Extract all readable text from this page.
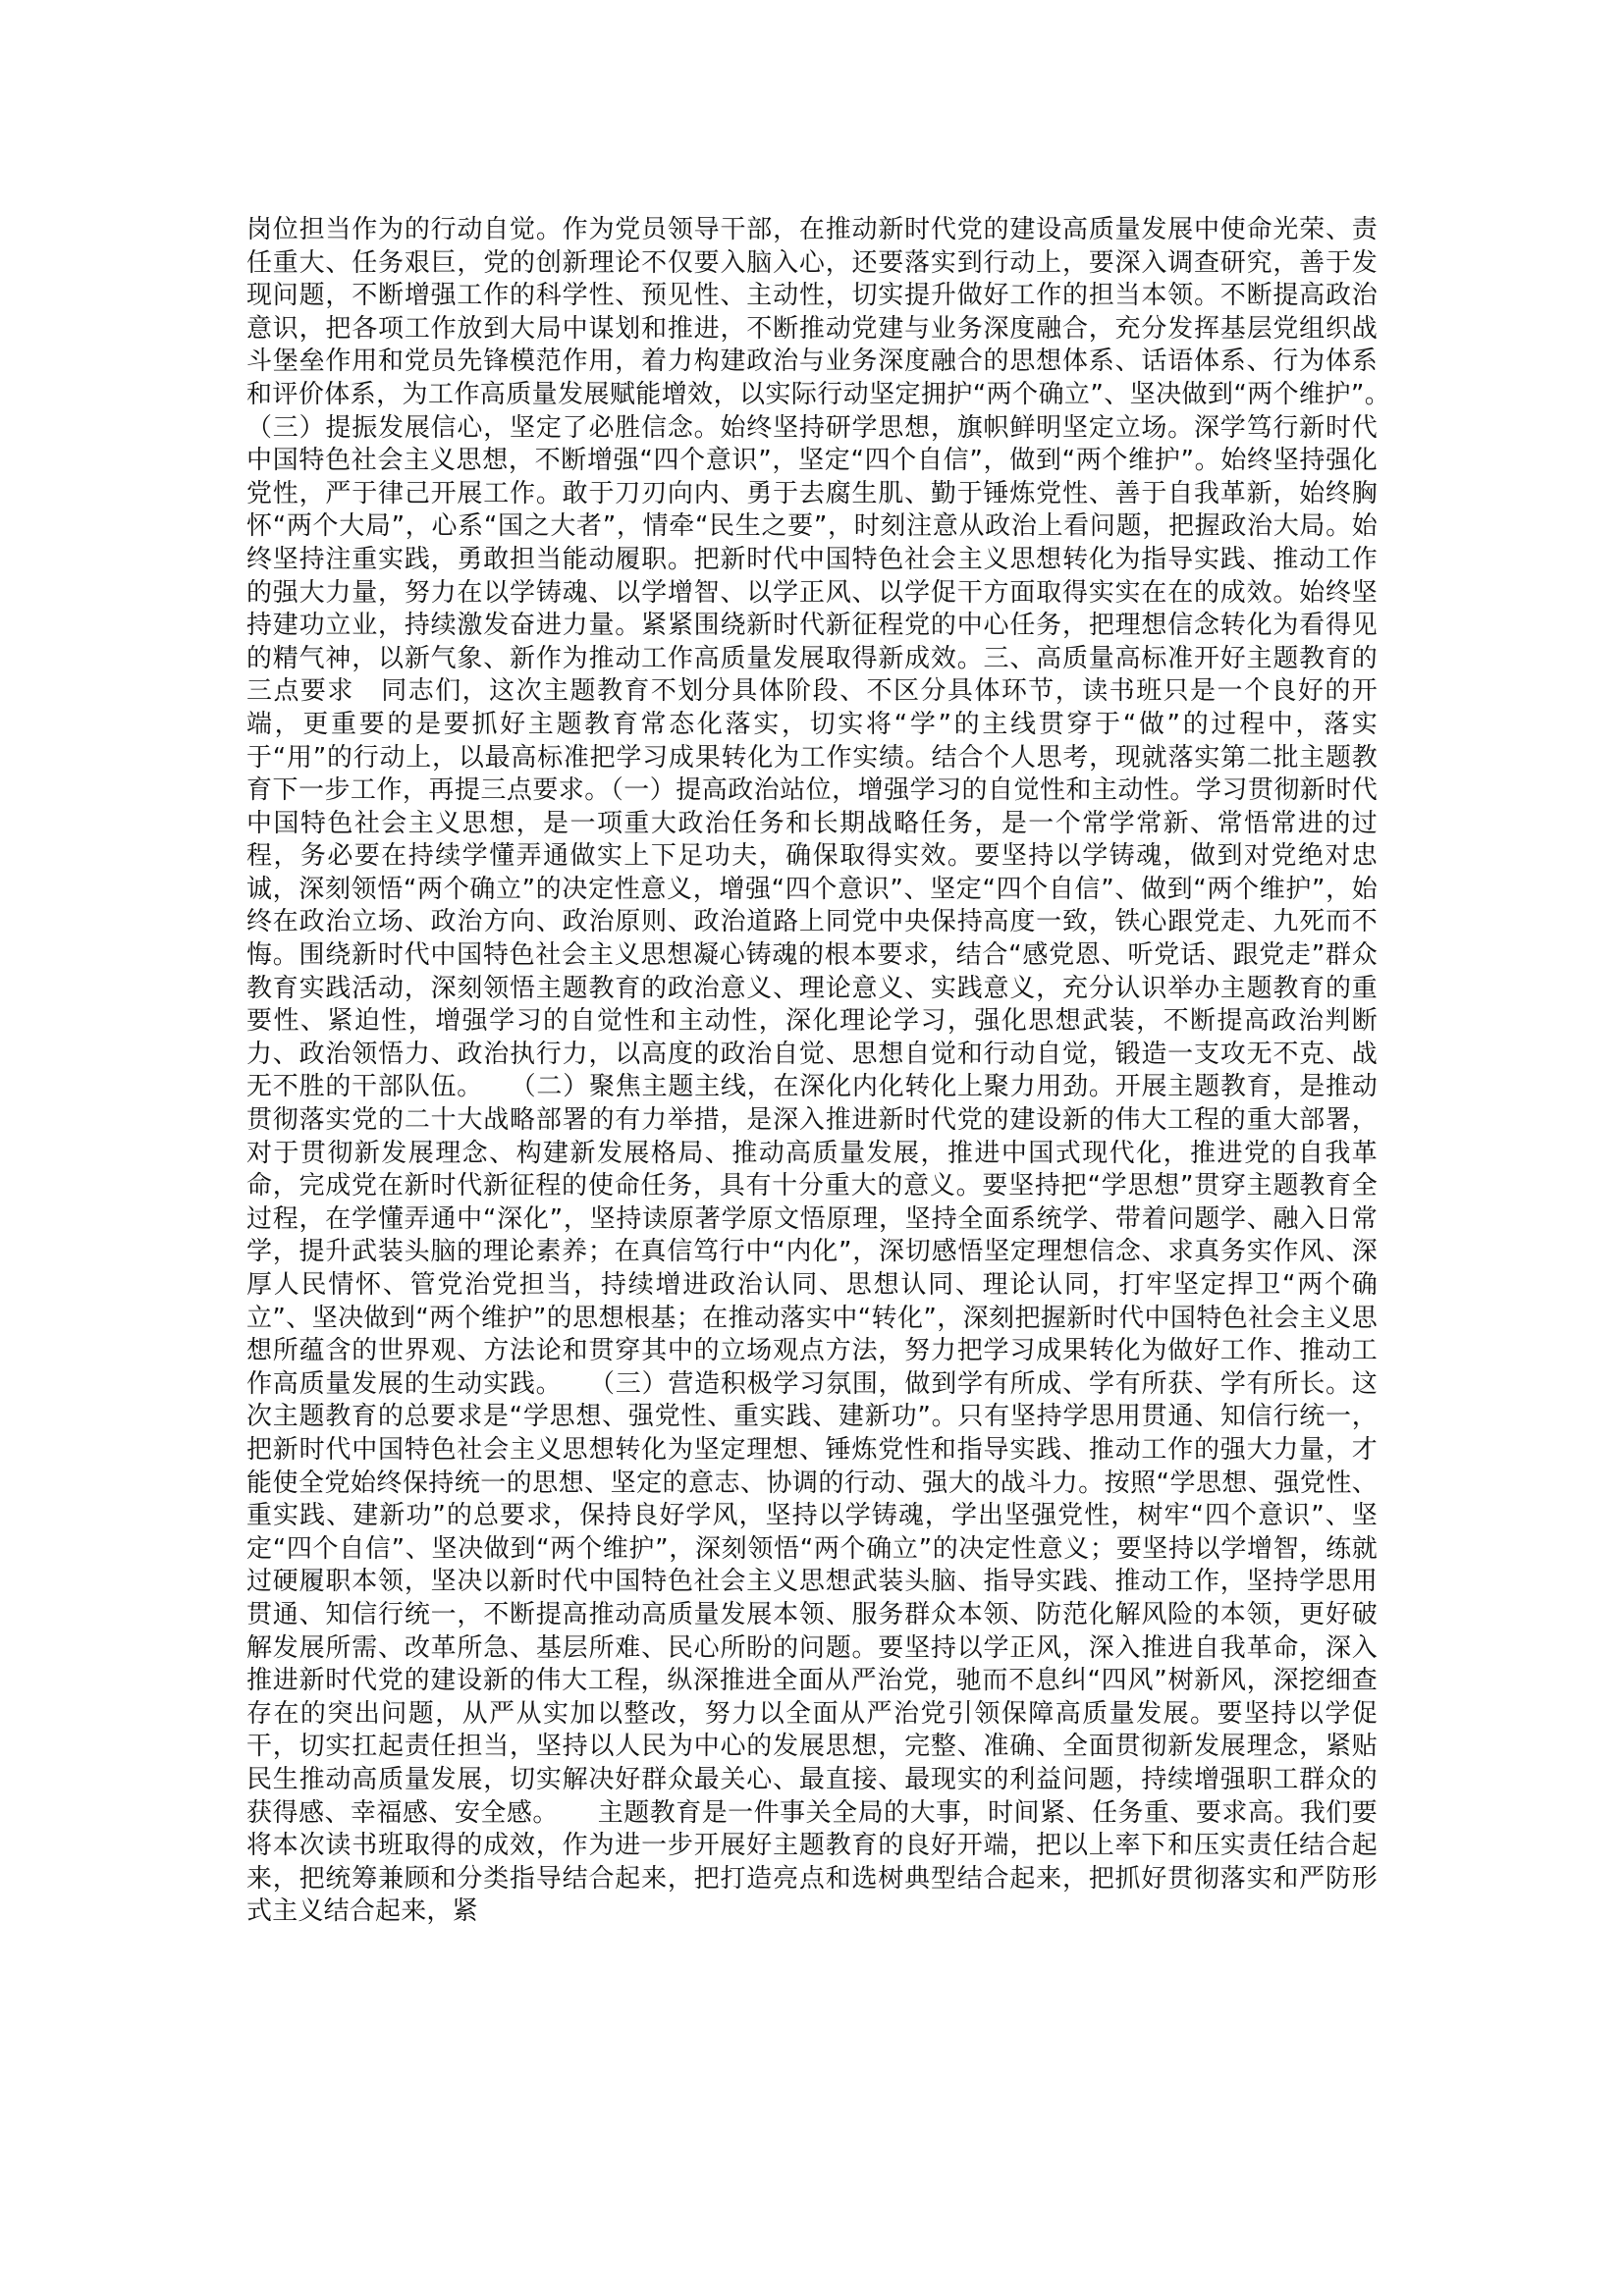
岗位担当作为的行动自觉。作为党员领导干部，在推动新时代党的建设高质量发展中使命光荣、责任重大、任务艰巨，党的创新理论不仅要入脑入心，还要落实到行动上，要深入调查研究，善于发现问题，不断增强工作的科学性、预见性、主动性，切实提升做好工作的担当本领。不断提高政治意识，把各项工作放到大局中谋划和推进，不断推动党建与业务深度融合，充分发挥基层党组织战斗堡垒作用和党员先锋模范作用，着力构建政治与业务深度融合的思想体系、话语体系、行为体系和评价体系，为工作高质量发展赋能增效，以实际行动坚定拥护“两个确立”、坚决做到“两个维护”。　　（三）提振发展信心，坚定了必胜信念。始终坚持研学思想，旗帜鲜明坚定立场。深学笃行新时代中国特色社会主义思想，不断增强“四个意识”，坚定“四个自信”，做到“两个维护”。始终坚持强化党性，严于律己开展工作。敢于刀刃向内、勇于去腐生肌、勤于锤炼党性、善于自我革新，始终胸怀“两个大局”，心系“国之大者”，情牵“民生之要”，时刻注意从政治上看问题，把握政治大局。始终坚持注重实践，勇敢担当能动履职。把新时代中国特色社会主义思想转化为指导实践、推动工作的强大力量，努力在以学铸魂、以学增智、以学正风、以学促干方面取得实实在在的成效。始终坚持建功立业，持续激发奋进力量。紧紧围绕新时代新征程党的中心任务，把理想信念转化为看得见的精气神，以新气象、新作为推动工作高质量发展取得新成效。三、高质量高标准开好主题教育的三点要求　同志们，这次主题教育不划分具体阶段、不区分具体环节，读书班只是一个良好的开端，更重要的是要抓好主题教育常态化落实，切实将“学”的主线贯穿于“做”的过程中，落实于“用”的行动上，以最高标准把学习成果转化为工作实绩。结合个人思考，现就落实第二批主题教育下一步工作，再提三点要求。（一）提高政治站位，增强学习的自觉性和主动性。学习贯彻新时代中国特色社会主义思想，是一项重大政治任务和长期战略任务，是一个常学常新、常悟常进的过程，务必要在持续学懂弄通做实上下足功夫，确保取得实效。要坚持以学铸魂，做到对党绝对忠诚，深刻领悟“两个确立”的决定性意义，增强“四个意识”、坚定“四个自信”、做到“两个维护”，始终在政治立场、政治方向、政治原则、政治道路上同党中央保持高度一致，铁心跟党走、九死而不悔。围绕新时代中国特色社会主义思想凝心铸魂的根本要求，结合“感党恩、听党话、跟党走”群众教育实践活动，深刻领悟主题教育的政治意义、理论意义、实践意义，充分认识举办主题教育的重要性、紧迫性，增强学习的自觉性和主动性，深化理论学习，强化思想武装，不断提高政治判断力、政治领悟力、政治执行力，以高度的政治自觉、思想自觉和行动自觉，锻造一支攻无不克、战无不胜的干部队伍。　　（二）聚焦主题主线，在深化内化转化上聚力用劲。开展主题教育，是推动贯彻落实党的二十大战略部署的有力举措，是深入推进新时代党的建设新的伟大工程的重大部署，对于贯彻新发展理念、构建新发展格局、推动高质量发展，推进中国式现代化，推进党的自我革命，完成党在新时代新征程的使命任务，具有十分重大的意义。要坚持把“学思想”贯穿主题教育全过程，在学懂弄通中“深化”，坚持读原著学原文悟原理，坚持全面系统学、带着问题学、融入日常学，提升武装头脑的理论素养；在真信笃行中“内化”，深切感悟坚定理想信念、求真务实作风、深厚人民情怀、管党治党担当，持续增进政治认同、思想认同、理论认同，打牢坚定捍卫“两个确立”、坚决做到“两个维护”的思想根基；在推动落实中“转化”，深刻把握新时代中国特色社会主义思想所蕴含的世界观、方法论和贯穿其中的立场观点方法，努力把学习成果转化为做好工作、推动工作高质量发展的生动实践。　　（三）营造积极学习氛围，做到学有所成、学有所获、学有所长。这次主题教育的总要求是“学思想、强党性、重实践、建新功”。只有坚持学思用贯通、知信行统一，把新时代中国特色社会主义思想转化为坚定理想、锤炼党性和指导实践、推动工作的强大力量，才能使全党始终保持统一的思想、坚定的意志、协调的行动、强大的战斗力。按照“学思想、强党性、重实践、建新功”的总要求，保持良好学风，坚持以学铸魂，学出坚强党性，树牢“四个意识”、坚定“四个自信”、坚决做到“两个维护”，深刻领悟“两个确立”的决定性意义；要坚持以学增智，练就过硬履职本领，坚决以新时代中国特色社会主义思想武装头脑、指导实践、推动工作，坚持学思用贯通、知信行统一，不断提高推动高质量发展本领、服务群众本领、防范化解风险的本领，更好破解发展所需、改革所急、基层所难、民心所盼的问题。要坚持以学正风，深入推进自我革命，深入推进新时代党的建设新的伟大工程，纵深推进全面从严治党，驰而不息纠“四风”树新风，深挖细查存在的突出问题，从严从实加以整改，努力以全面从严治党引领保障高质量发展。要坚持以学促干，切实扛起责任担当，坚持以人民为中心的发展思想，完整、准确、全面贯彻新发展理念，紧贴民生推动高质量发展，切实解决好群众最关心、最直接、最现实的利益问题，持续增强职工群众的获得感、幸福感、安全感。　　主题教育是一件事关全局的大事，时间紧、任务重、要求高。我们要将本次读书班取得的成效，作为进一步开展好主题教育的良好开端，把以上率下和压实责任结合起来，把统筹兼顾和分类指导结合起来，把打造亮点和选树典型结合起来，把抓好贯彻落实和严防形式主义结合起来，紧
